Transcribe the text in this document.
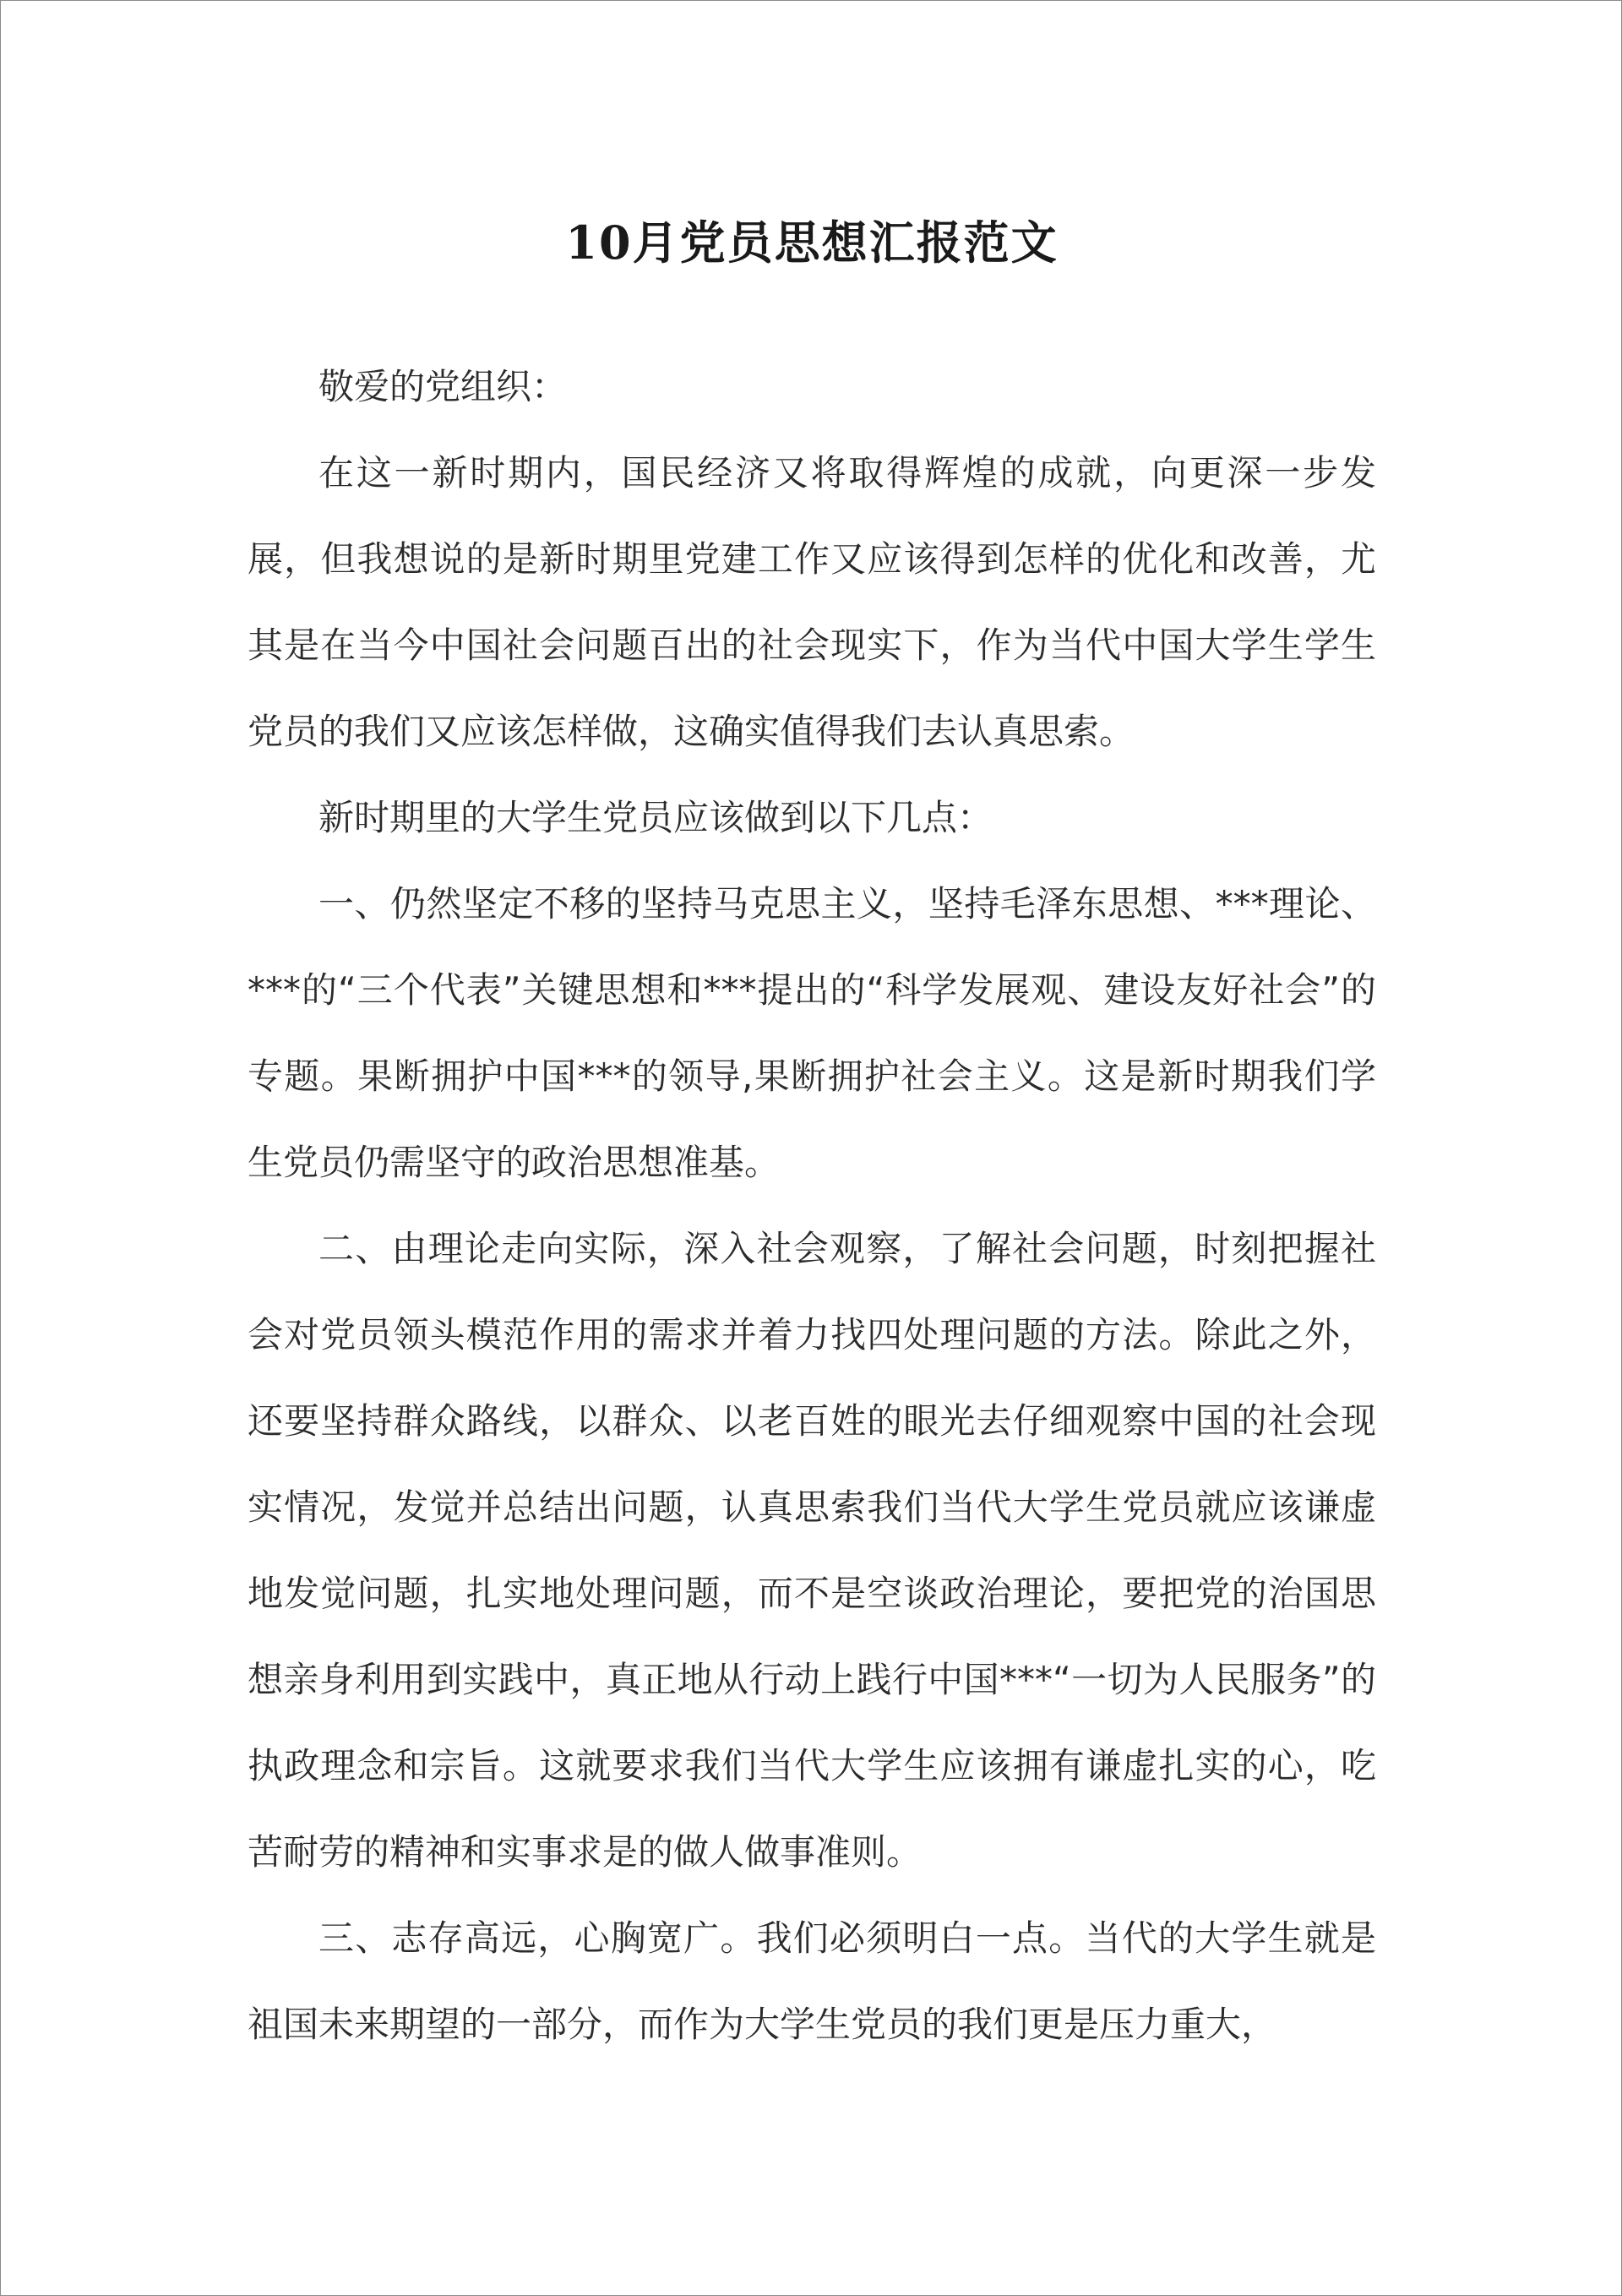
10月党员思想汇报范文

敬爱的党组织：

在这一新时期内，国民经济又将取得辉煌的成就，向更深一步发展，但我想说的是新时期里党建工作又应该得到怎样的优化和改善，尤其是在当今中国社会问题百出的社会现实下，作为当代中国大学生学生党员的我们又应该怎样做，这确实值得我们去认真思索。

新时期里的大学生党员应该做到以下几点：

一、仍然坚定不移的坚持马克思主义，坚持毛泽东思想、***理论、***的“三个代表”关键思想和***提出的“科学发展观、建设友好社会”的专题。果断拥护中国***的领导,果断拥护社会主义。这是新时期我们学生党员仍需坚守的政治思想准基。

二、由理论走向实际，深入社会观察，了解社会问题，时刻把握社会对党员领头模范作用的需求并着力找四处理问题的方法。除此之外，还要坚持群众路线，以群众、以老百姓的眼光去仔细观察中国的社会现实情况，发觉并总结出问题，认真思索我们当代大学生党员就应该谦虚地发觉问题，扎实地处理问题，而不是空谈政治理论，要把党的治国思想亲身利用到实践中，真正地从行动上践行中国***“一切为人民服务”的执政理念和宗旨。这就要求我们当代大学生应该拥有谦虚扎实的心，吃苦耐劳的精神和实事求是的做人做事准则。

三、志存高远，心胸宽广。我们必须明白一点。当代的大学生就是祖国未来期望的一部分，而作为大学生党员的我们更是压力重大，
